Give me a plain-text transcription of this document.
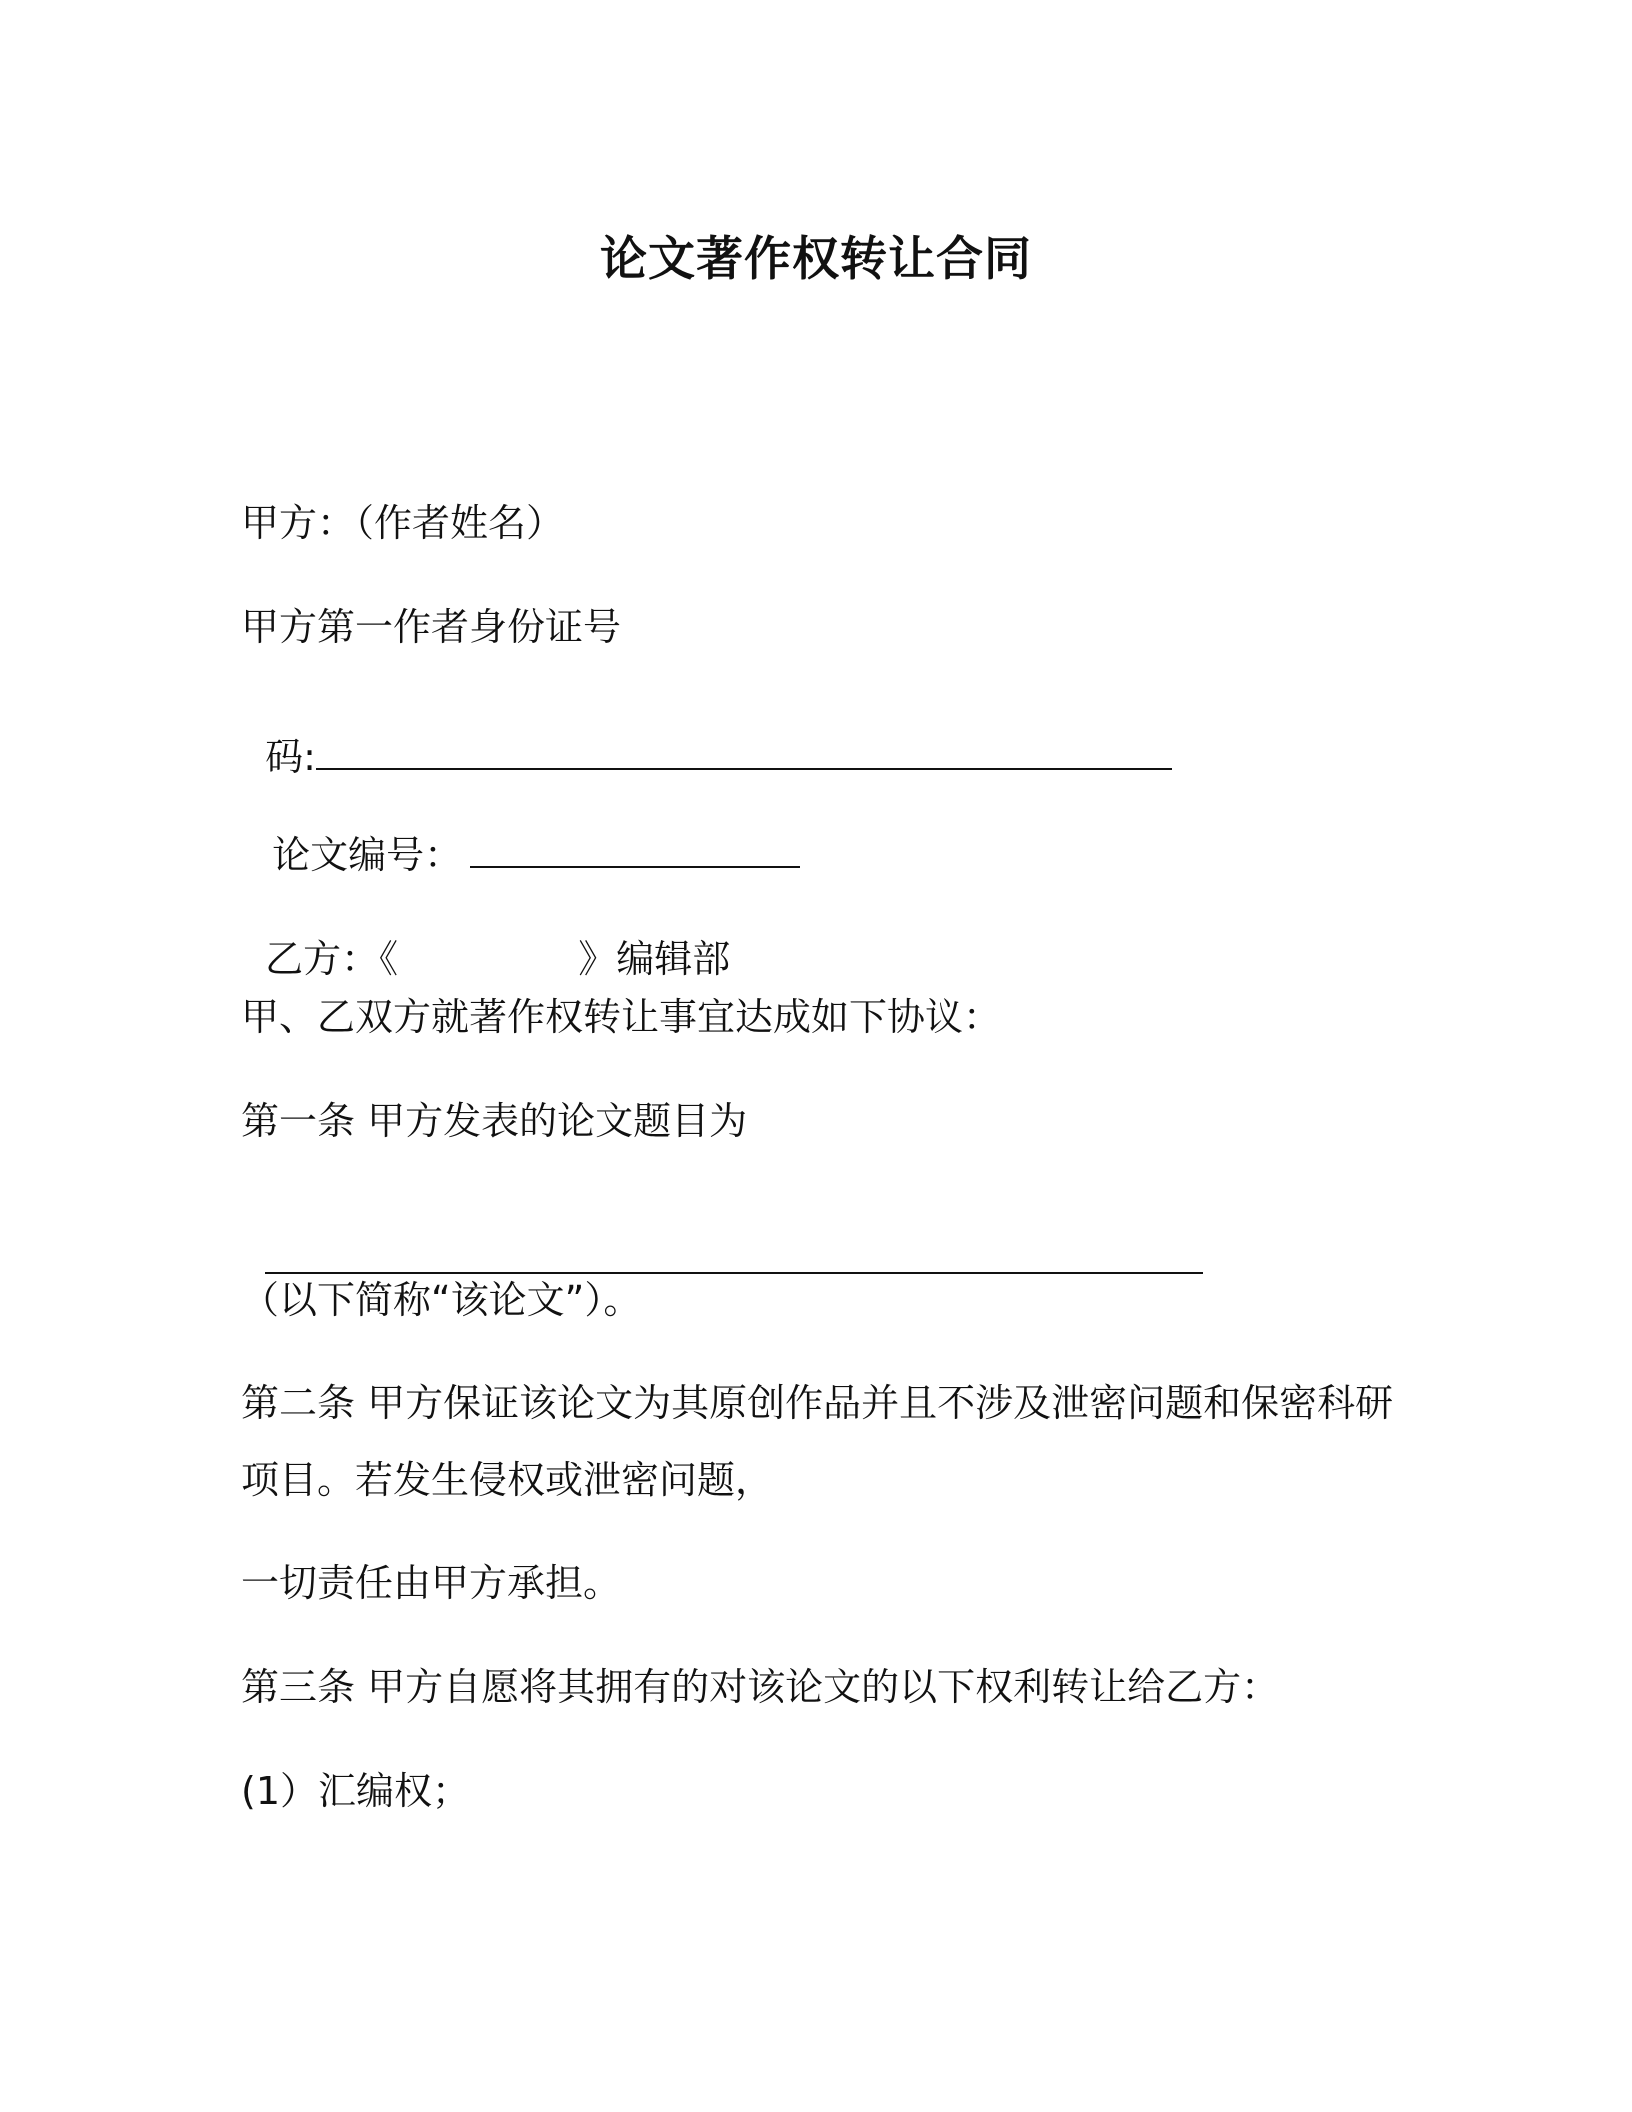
论文著作权转让合同
甲方：（作者姓名）
甲方第一作者身份证号

码:

论文编号：

乙方：《	》编辑部

甲、乙双方就著作权转让事宜达成如下协议：
第一条 甲方发表的论文题目为

（以下简称“该论文”）。
第二条 甲方保证该论文为其原创作品并且不涉及泄密问题和保密科研
项目。若发生侵权或泄密问题，
一切责任由甲方承担。
第三条 甲方自愿将其拥有的对该论文的以下权利转让给乙方：
(1）汇编权；
